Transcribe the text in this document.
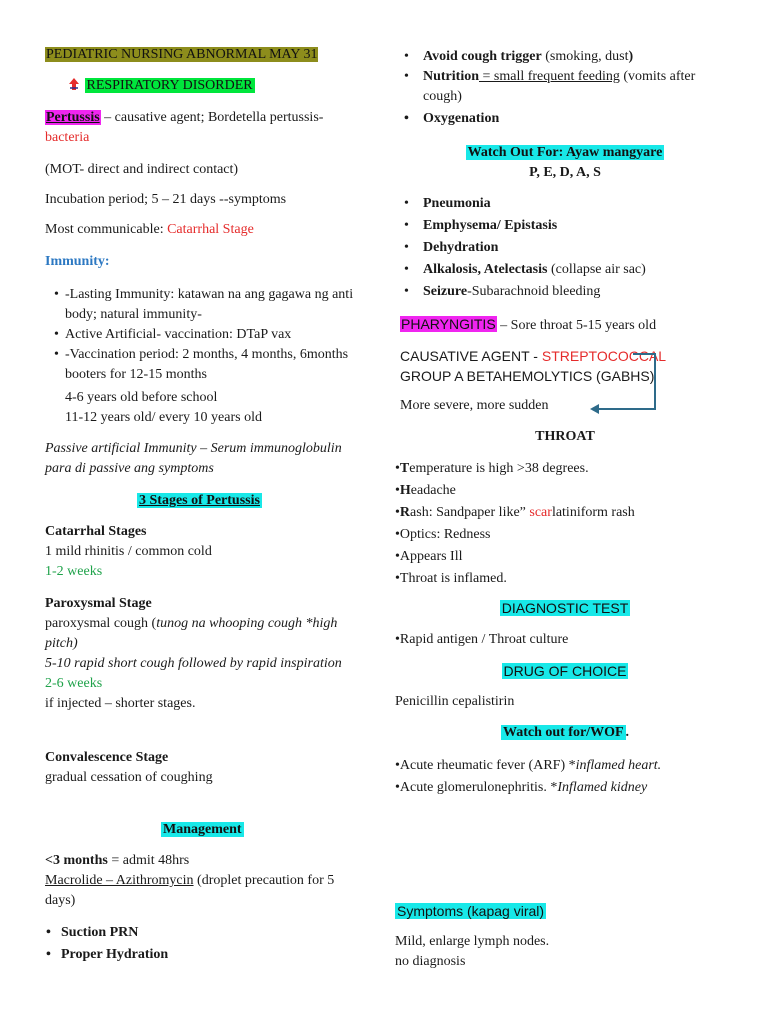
PEDIATRIC NURSING ABNORMAL MAY 31
RESPIRATORY DISORDER
Pertussis – causative agent; Bordetella pertussis-
bacteria
(MOT- direct and indirect contact)
Incubation period; 5 – 21 days --symptoms
Most communicable: Catarrhal Stage
Immunity:
• -Lasting Immunity: katawan na ang gagawa ng anti body; natural immunity-
• Active Artificial- vaccination: DTaP vax
• -Vaccination period: 2 months, 4 months, 6months booters for 12-15 months
4-6 years old before school
11-12 years old/ every 10 years old
Passive artificial Immunity – Serum immunoglobulin para di passive ang symptoms
3 Stages of Pertussis
Catarrhal Stages
1 mild rhinitis / common cold
1-2 weeks
Paroxysmal Stage
paroxysmal cough (tunog na whooping cough *high pitch)
5-10 rapid short cough followed by rapid inspiration
2-6 weeks
if injected – shorter stages.
Convalescence Stage
gradual cessation of coughing
Management
<3 months = admit 48hrs
Macrolide – Azithromycin (droplet precaution for 5 days)
• Suction PRN
• Proper Hydration
• Avoid cough trigger (smoking, dust)
• Nutrition = small frequent feeding (vomits after cough)
• Oxygenation
Watch Out For: Ayaw mangyare
P, E, D, A, S
• Pneumonia
• Emphysema/ Epistasis
• Dehydration
• Alkalosis, Atelectasis (collapse air sac)
• Seizure-Subarachnoid bleeding
PHARYNGITIS – Sore throat 5-15 years old
CAUSATIVE AGENT - STREPTOCOCCAL
GROUP A BETAHEMOLYTICS (GABHS)
More severe, more sudden
THROAT
• Temperature is high >38 degrees.
• Headache
• Rash: Sandpaper like” scarlatiniform rash
• Optics: Redness
• Appears Ill
• Throat is inflamed.
DIAGNOSTIC TEST
• Rapid antigen / Throat culture
DRUG OF CHOICE
Penicillin cepalistirin
Watch out for/WOF .
• Acute rheumatic fever (ARF) *inflamed heart.
• Acute glomerulonephritis. *Inflamed kidney
Symptoms (kapag viral)
Mild, enlarge lymph nodes.
no diagnosis
